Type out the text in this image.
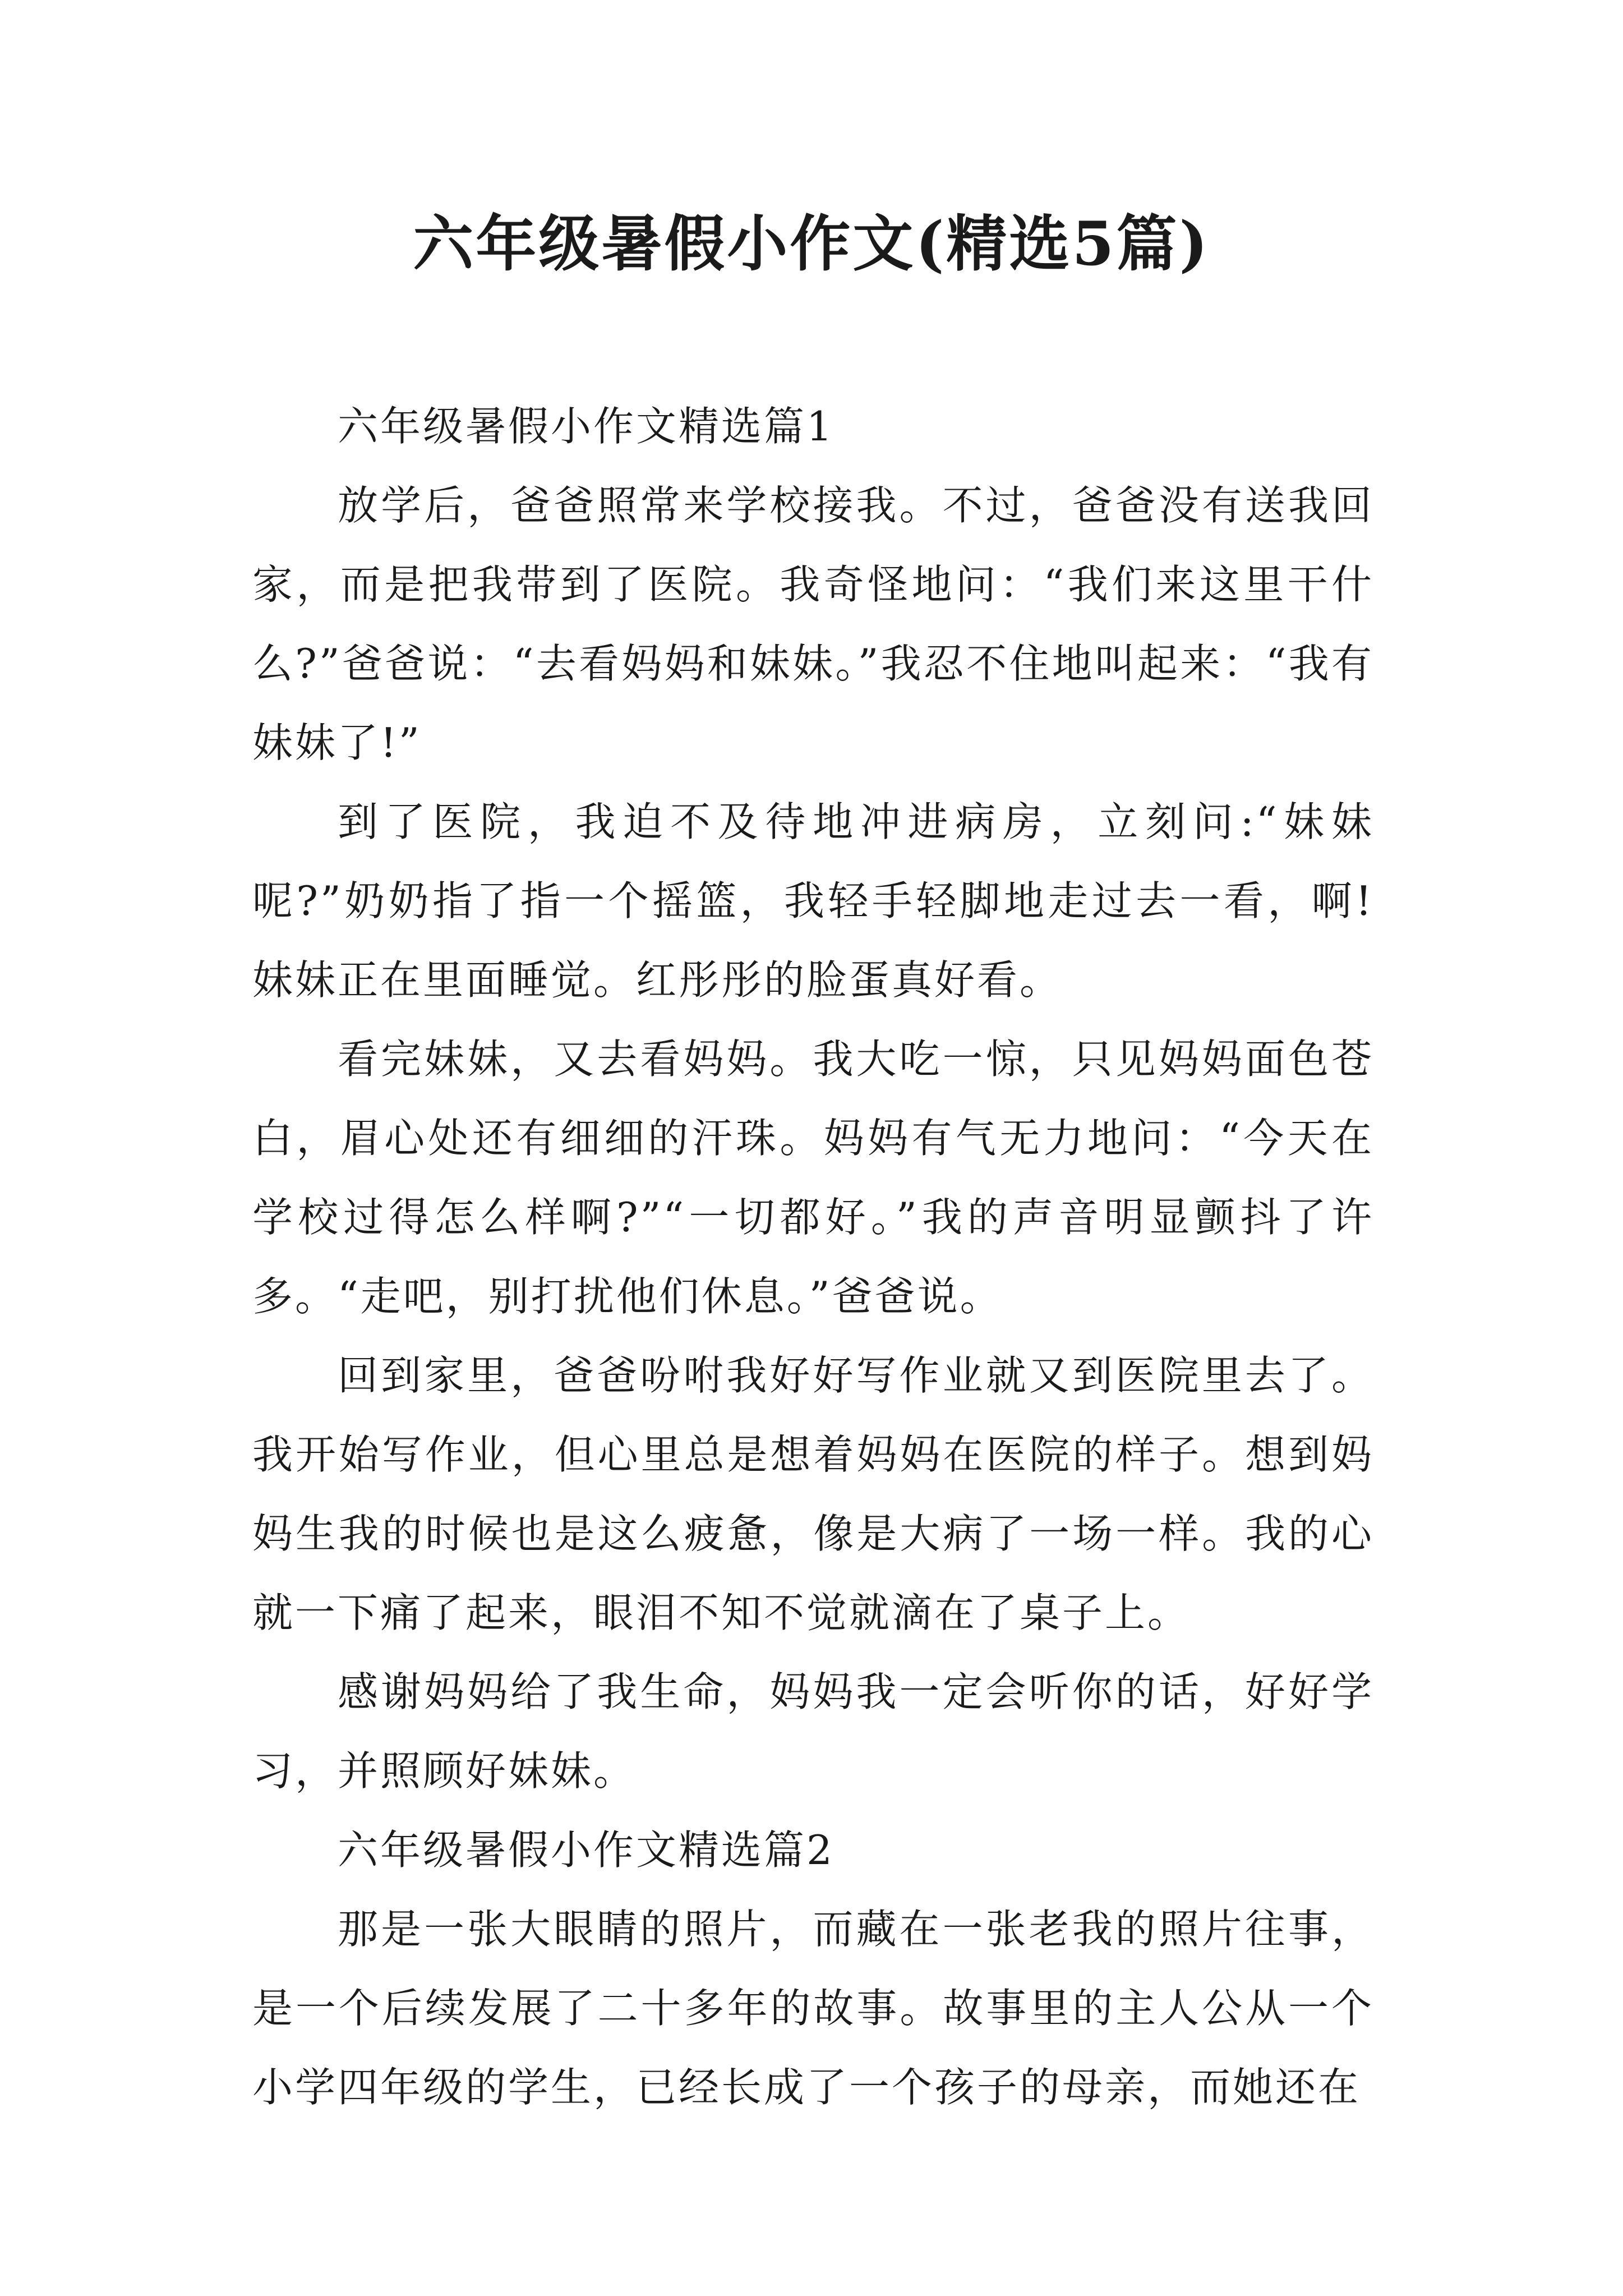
六年级暑假小作文(精选5篇)

六年级暑假小作文精选篇1

放学后，爸爸照常来学校接我。不过，爸爸没有送我回家，而是把我带到了医院。我奇怪地问：“我们来这里干什么?”爸爸说：“去看妈妈和妹妹。”我忍不住地叫起来：“我有妹妹了!”

到了医院，我迫不及待地冲进病房，立刻问:“妹妹呢?”奶奶指了指一个摇篮，我轻手轻脚地走过去一看，啊!妹妹正在里面睡觉。红彤彤的脸蛋真好看。

看完妹妹，又去看妈妈。我大吃一惊，只见妈妈面色苍白，眉心处还有细细的汗珠。妈妈有气无力地问：“今天在学校过得怎么样啊?”“一切都好。”我的声音明显颤抖了许多。“走吧，别打扰他们休息。”爸爸说。

回到家里，爸爸吩咐我好好写作业就又到医院里去了。我开始写作业，但心里总是想着妈妈在医院的样子。想到妈妈生我的时候也是这么疲惫，像是大病了一场一样。我的心就一下痛了起来，眼泪不知不觉就滴在了桌子上。

感谢妈妈给了我生命，妈妈我一定会听你的话，好好学习，并照顾好妹妹。

六年级暑假小作文精选篇2

那是一张大眼睛的照片，而藏在一张老我的照片往事，是一个后续发展了二十多年的故事。故事里的主人公从一个小学四年级的学生，已经长成了一个孩子的母亲，而她还在
